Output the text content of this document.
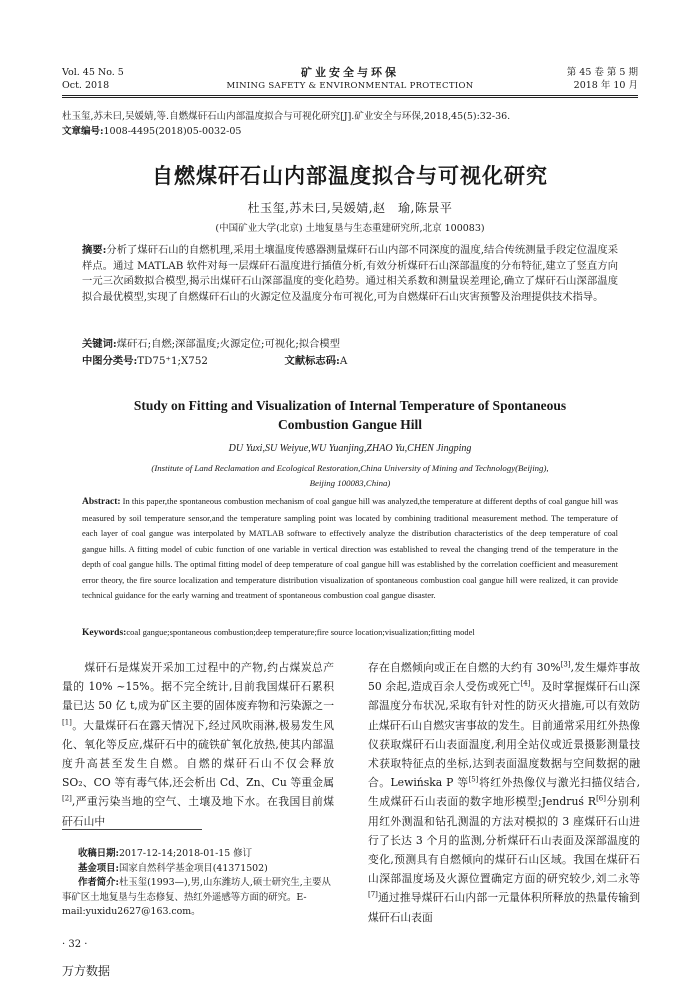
Vol. 45 No. 5
Oct. 2018
矿业安全与环保
MINING SAFETY & ENVIRONMENTAL PROTECTION
第 45 卷 第 5 期
2018 年 10 月
杜玉玺,苏未曰,吴媛婧,等.自燃煤矸石山内部温度拟合与可视化研究[J].矿业安全与环保,2018,45(5):32-36.
文章编号:1008-4495(2018)05-0032-05
自燃煤矸石山内部温度拟合与可视化研究
杜玉玺,苏未曰,吴媛婧,赵　瑜,陈景平
(中国矿业大学(北京) 土地复垦与生态重建研究所,北京 100083)
摘要:分析了煤矸石山的自燃机理,采用土壤温度传感器测量煤矸石山内部不同深度的温度,结合传统测量手段定位温度采样点。通过 MATLAB 软件对每一层煤矸石温度进行插值分析,有效分析煤矸石山深部温度的分布特征,建立了竖直方向一元三次函数拟合模型,揭示出煤矸石山深部温度的变化趋势。通过相关系数和测量误差理论,确立了煤矸石山深部温度拟合最优模型,实现了自燃煤矸石山的火源定位及温度分布可视化,可为自燃煤矸石山灾害预警及治理提供技术指导。
关键词:煤矸石;自燃;深部温度;火源定位;可视化;拟合模型
中图分类号:TD75⁺1;X752	文献标志码:A
Study on Fitting and Visualization of Internal Temperature of Spontaneous
Combustion Gangue Hill
DU Yuxi,SU Weiyue,WU Yuanjing,ZHAO Yu,CHEN Jingping
(Institute of Land Reclamation and Ecological Restoration,China University of Mining and Technology(Beijing),
Beijing 100083,China)
Abstract: In this paper,the spontaneous combustion mechanism of coal gangue hill was analyzed,the temperature at different depths of coal gangue hill was measured by soil temperature sensor,and the temperature sampling point was located by combining traditional measurement method. The temperature of each layer of coal gangue was interpolated by MATLAB software to effectively analyze the distribution characteristics of the deep temperature of coal gangue hills. A fitting model of cubic function of one variable in vertical direction was established to reveal the changing trend of the temperature in the depth of coal gangue hills. The optimal fitting model of deep temperature of coal gangue hill was established by the correlation coefficient and measurement error theory, the fire source localization and temperature distribution visualization of spontaneous combustion coal gangue hill were realized, it can provide technical guidance for the early warning and treatment of spontaneous combustion coal gangue disaster.
Keywords:coal gangue;spontaneous combustion;deep temperature;fire source location;visualization;fitting model
　　煤矸石是煤炭开采加工过程中的产物,约占煤炭总产量的 10% ~15%。据不完全统计,目前我国煤矸石累积量已达 50 亿 t,成为矿区主要的固体废弃物和污染源之一[1]。大量煤矸石在露天情况下,经过风吹雨淋,极易发生风化、氧化等反应,煤矸石中的硫铁矿氧化放热,使其内部温度升高甚至发生自燃。自燃的煤矸石山不仅会释放 SO₂、CO 等有毒气体,还会析出 Cd、Zn、Cu 等重金属[2],严重污染当地的空气、土壤及地下水。在我国目前煤矸石山中
收稿日期:2017-12-14;2018-01-15 修订
基金项目:国家自然科学基金项目(41371502)
作者简介:杜玉玺(1993—),男,山东潍坊人,硕士研究生,主要从事矿区土地复垦与生态修复、热红外遥感等方面的研究。E-mail:yuxidu2627@163.com。
存在自燃倾向或正在自燃的大约有 30%[3],发生爆炸事故 50 余起,造成百余人受伤或死亡[4]。及时掌握煤矸石山深部温度分布状况,采取有针对性的防灭火措施,可以有效防止煤矸石山自燃灾害事故的发生。目前通常采用红外热像仪获取煤矸石山表面温度,利用全站仪或近景摄影测量技术获取特征点的坐标,达到表面温度数据与空间数据的融合。Lewińska P 等[5]将红外热像仪与激光扫描仪结合,生成煤矸石山表面的数字地形模型;Jendruś R[6]分别利用红外测温和钻孔测温的方法对模拟的 3 座煤矸石山进行了长达 3 个月的监测,分析煤矸石山表面及深部温度的变化,预测具有自燃倾向的煤矸石山区域。我国在煤矸石山深部温度场及火源位置确定方面的研究较少,刘二永等[7]通过推导煤矸石山内部一元量体积所释放的热量传输到煤矸石山表面
· 32 ·
万方数据
